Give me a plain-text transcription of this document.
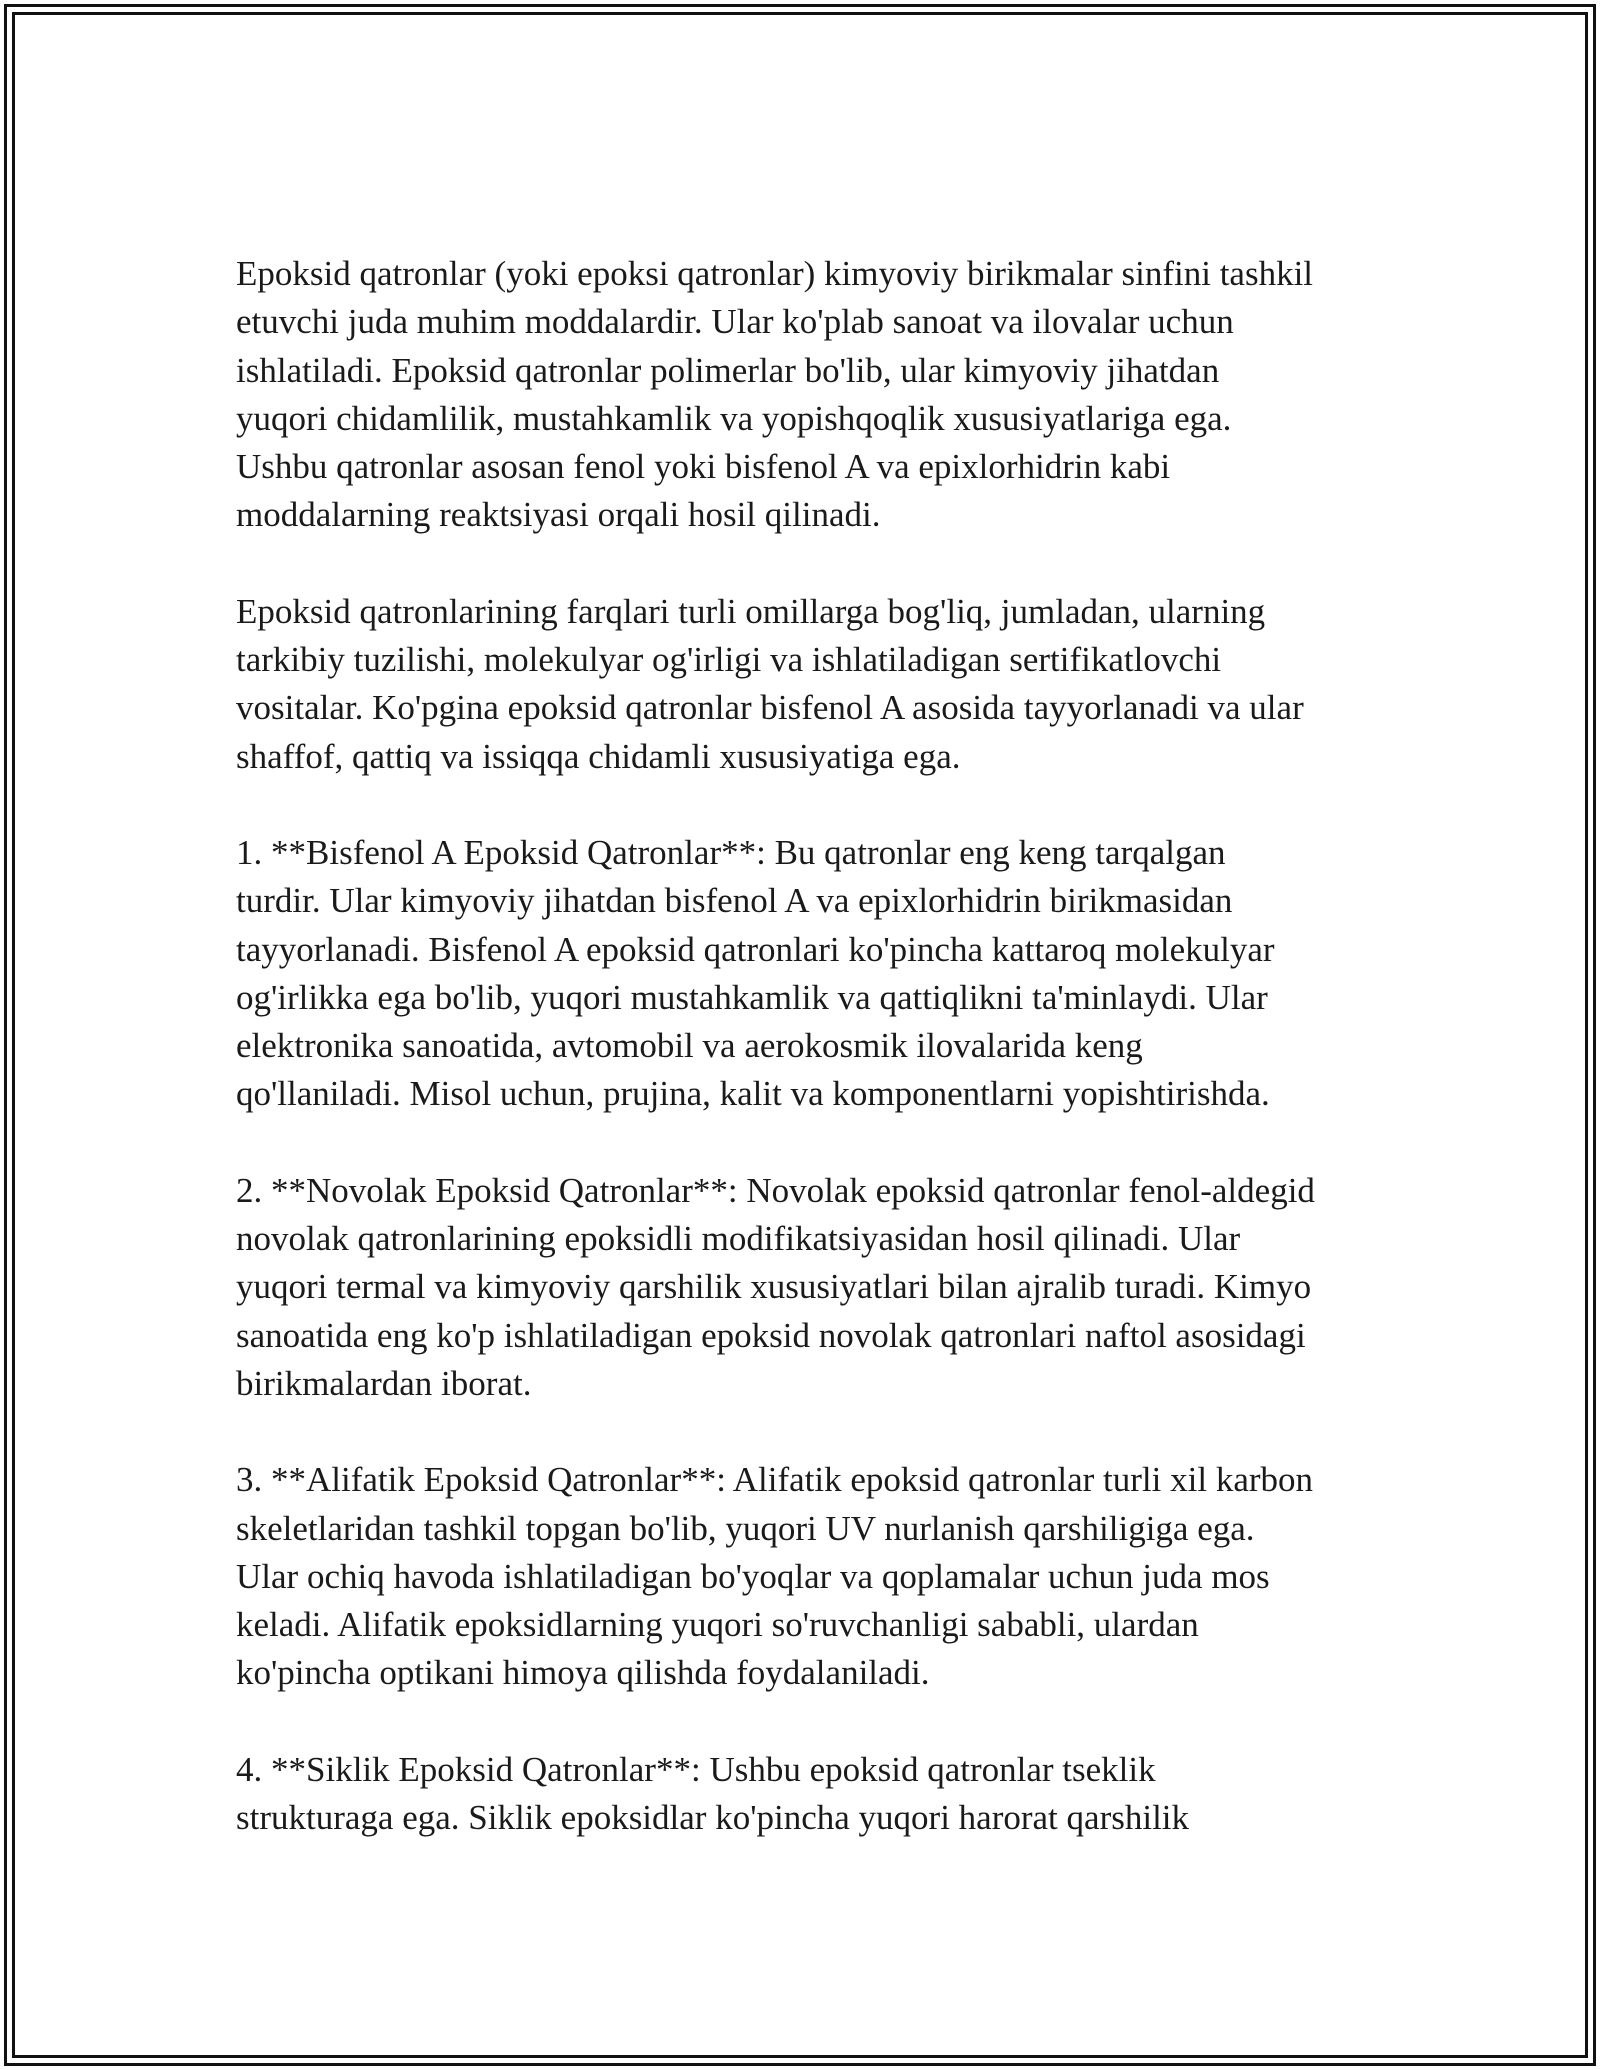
Epoksid qatronlar (yoki epoksi qatronlar) kimyoviy birikmalar sinfini tashkil
etuvchi juda muhim moddalardir. Ular ko'plab sanoat va ilovalar uchun
ishlatiladi. Epoksid qatronlar polimerlar bo'lib, ular kimyoviy jihatdan
yuqori chidamlilik, mustahkamlik va yopishqoqlik xususiyatlariga ega.
Ushbu qatronlar asosan fenol yoki bisfenol A va epixlorhidrin kabi
moddalarning reaktsiyasi orqali hosil qilinadi.

Epoksid qatronlarining farqlari turli omillarga bog'liq, jumladan, ularning
tarkibiy tuzilishi, molekulyar og'irligi va ishlatiladigan sertifikatlovchi
vositalar. Ko'pgina epoksid qatronlar bisfenol A asosida tayyorlanadi va ular
shaffof, qattiq va issiqqa chidamli xususiyatiga ega.

1. **Bisfenol A Epoksid Qatronlar**: Bu qatronlar eng keng tarqalgan
turdir. Ular kimyoviy jihatdan bisfenol A va epixlorhidrin birikmasidan
tayyorlanadi. Bisfenol A epoksid qatronlari ko'pincha kattaroq molekulyar
og'irlikka ega bo'lib, yuqori mustahkamlik va qattiqlikni ta'minlaydi. Ular
elektronika sanoatida, avtomobil va aerokosmik ilovalarida keng
qo'llaniladi. Misol uchun, prujina, kalit va komponentlarni yopishtirishda.

2. **Novolak Epoksid Qatronlar**: Novolak epoksid qatronlar fenol-aldegid
novolak qatronlarining epoksidli modifikatsiyasidan hosil qilinadi. Ular
yuqori termal va kimyoviy qarshilik xususiyatlari bilan ajralib turadi. Kimyo
sanoatida eng ko'p ishlatiladigan epoksid novolak qatronlari naftol asosidagi
birikmalardan iborat.

3. **Alifatik Epoksid Qatronlar**: Alifatik epoksid qatronlar turli xil karbon
skeletlaridan tashkil topgan bo'lib, yuqori UV nurlanish qarshiligiga ega.
Ular ochiq havoda ishlatiladigan bo'yoqlar va qoplamalar uchun juda mos
keladi. Alifatik epoksidlarning yuqori so'ruvchanligi sababli, ulardan
ko'pincha optikani himoya qilishda foydalaniladi.

4. **Siklik Epoksid Qatronlar**: Ushbu epoksid qatronlar tseklik
strukturaga ega. Siklik epoksidlar ko'pincha yuqori harorat qarshilik
